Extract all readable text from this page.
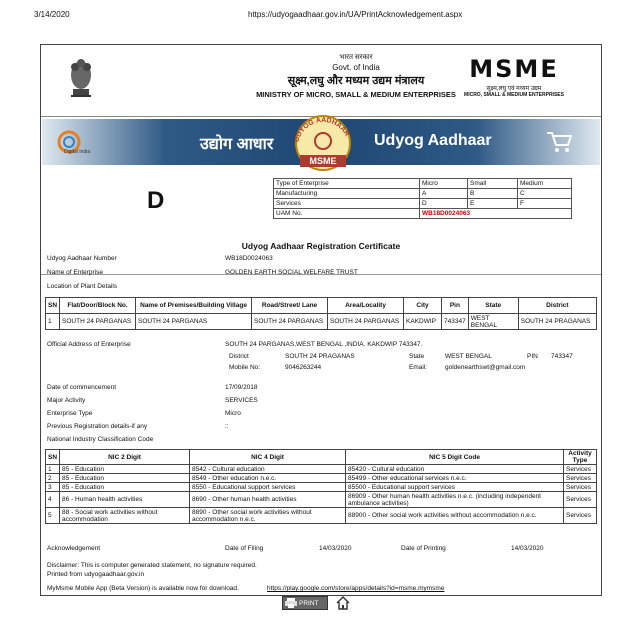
3/14/2020	https://udyogaadhaar.gov.in/UA/PrintAcknowledgement.aspx
भारत सरकार
Govt. of India
सूक्ष्म,लघु और मध्यम उद्यम मंत्रालय
MINISTRY OF MICRO, SMALL & MEDIUM ENTERPRISES
MSME
सूक्ष्म,लघु एवं मध्यम उद्यम
MICRO, SMALL & MEDIUM ENTERPRISES
Digital India	उद्योग आधार	UDYOG AADHAAR
MSME
Udyog Aadhaar
D
Type of Enterprise	Micro	Small	Medium
Manufacturing	A	B	C
Services	D	E	F
UAM No.	WB18D0024063		
Udyog Aadhaar Registration Certificate
Udyog Aadhaar Number	WB18D0024063
Name of Enterprise	GOLDEN EARTH SOCIAL WELFARE TRUST
Location of Plant Details
SN	Flat/Door/Block No.	Name of Premises/Building Village	Road/Street/ Lane	Area/Locality	City	Pin	State	District
1	SOUTH 24 PARGANAS	SOUTH 24 PARGANAS	SOUTH 24 PARGANAS	SOUTH 24 PARGANAS	KAKDWIP	743347	WEST BENGAL	SOUTH 24 PRAGANAS
Official Address of Enterprise	SOUTH 24 PARGANAS,WEST BENGAL ,INDIA. KAKDWIP 743347.
District	SOUTH 24 PRAGANAS	State	WEST BENGAL	PIN 743347
Mobile No:	9046263244	Email:	goldenearthswt@gmail.com
Date of commencement	17/09/2018
Major Activity	SERVICES
Enterprise Type	Micro
Previous Registration details-if any	::
National Industry Classification Code
SN	NIC 2 Digit	NIC 4 Digit	NIC 5 Digit Code	Activity Type
1	85 - Education	8542 - Cultural education	85420 - Cultural education	Services
2	85 - Education	8549 - Other education n.e.c.	85499 - Other educational services n.e.c.	Services
3	85 - Education	8550 - Educational support services	85500 - Educational support services	Services
4	86 - Human health activities	8690 - Other human health activities	86909 - Other human health activities n.e.c. (including independent ambulance activities)	Services
5	88 - Social work activities without accommodation	8890 - Other social work activities without accommodation n.e.c.	88900 - Other social work activities without accommodation n.e.c.	Services
Acknowledgement	Date of Filing	14/03/2020	Date of Printing	14/03/2020
Disclaimer: This is computer generated statement, no signature required.
Printed from udyogaadhaar.gov.in
MyMsme Mobile App (Beta Version) is available now for download.	https://play.google.com/store/apps/details?id=msme.mymsme
PRINT
